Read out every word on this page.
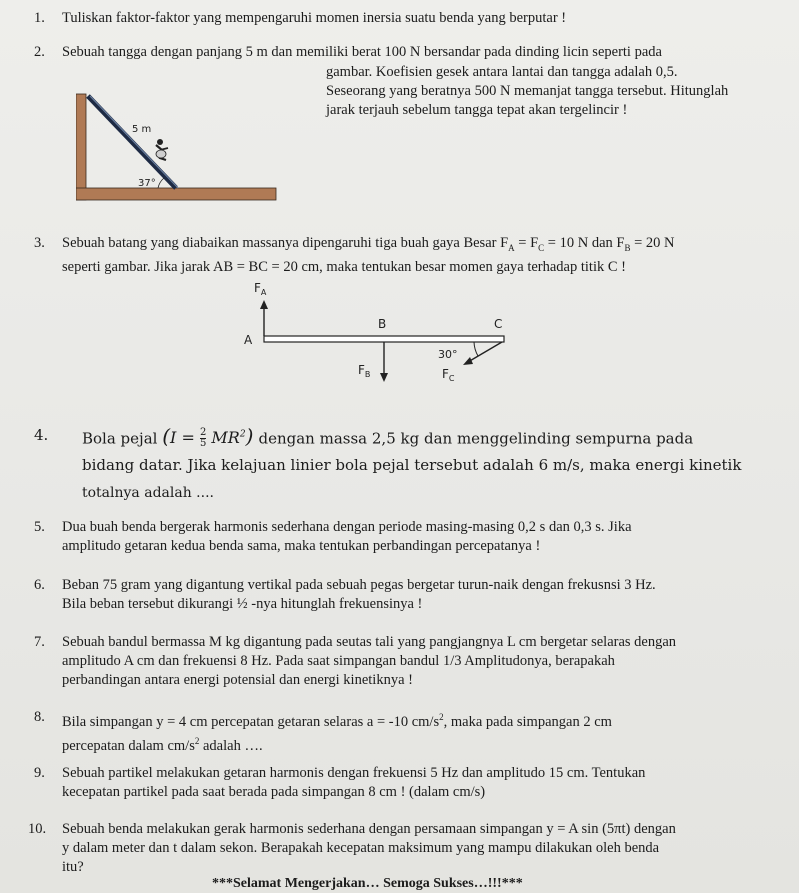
1. Tuliskan faktor-faktor yang mempengaruhi momen inersia suatu benda yang berputar !
2. Sebuah tangga dengan panjang 5 m dan memiliki berat 100 N bersandar pada dinding licin seperti pada
gambar. Koefisien gesek antara lantai dan tangga adalah 0,5.
Seseorang yang beratnya 500 N memanjat tangga tersebut. Hitunglah
jarak terjauh sebelum tangga tepat akan tergelincir !
5 m
37°
3. Sebuah batang yang diabaikan massanya dipengaruhi tiga buah gaya Besar $F_A = F_C = 10$ N dan $F_B = 20$ N
seperti gambar. Jika jarak AB = BC = 20 cm, maka tentukan besar momen gaya terhadap titik C !
$F_A$
A
B	C
$F_B$
30°
$F_C$
4. Bola pejal $(I = \frac{2}{5} MR^2)$ dengan massa 2,5 kg dan menggelinding sempurna pada
bidang datar. Jika kelajuan linier bola pejal tersebut adalah 6 m/s, maka energi kinetik
totalnya adalah ....
5. Dua buah benda bergerak harmonis sederhana dengan periode masing-masing 0,2 s dan 0,3 s. Jika
amplitudo getaran kedua benda sama, maka tentukan perbandingan percepatanya !
6. Beban 75 gram yang digantung vertikal pada sebuah pegas bergetar turun-naik dengan frekusnsi 3 Hz.
Bila beban tersebut dikurangi ½ -nya hitunglah frekuensinya !
7. Sebuah bandul bermassa M kg digantung pada seutas tali yang pangjangnya L cm bergetar selaras dengan
amplitudo A cm dan frekuensi 8 Hz. Pada saat simpangan bandul 1/3 Amplitudonya, berapakah
perbandingan antara energi potensial dan energi kinetiknya !
8. Bila simpangan y = 4 cm percepatan getaran selaras a = -10 $cm/s^2$, maka pada simpangan 2 cm
percepatan dalam $cm/s^2$ adalah ….
9. Sebuah partikel melakukan getaran harmonis dengan frekuensi 5 Hz dan amplitudo 15 cm. Tentukan
kecepatan partikel pada saat berada pada simpangan 8 cm ! (dalam cm/s)
10. Sebuah benda melakukan gerak harmonis sederhana dengan persamaan simpangan y = A sin (5πt) dengan
y dalam meter dan t dalam sekon. Berapakah kecepatan maksimum yang mampu dilakukan oleh benda
itu?
***Selamat Mengerjakan… Semoga Sukses…!!!***
